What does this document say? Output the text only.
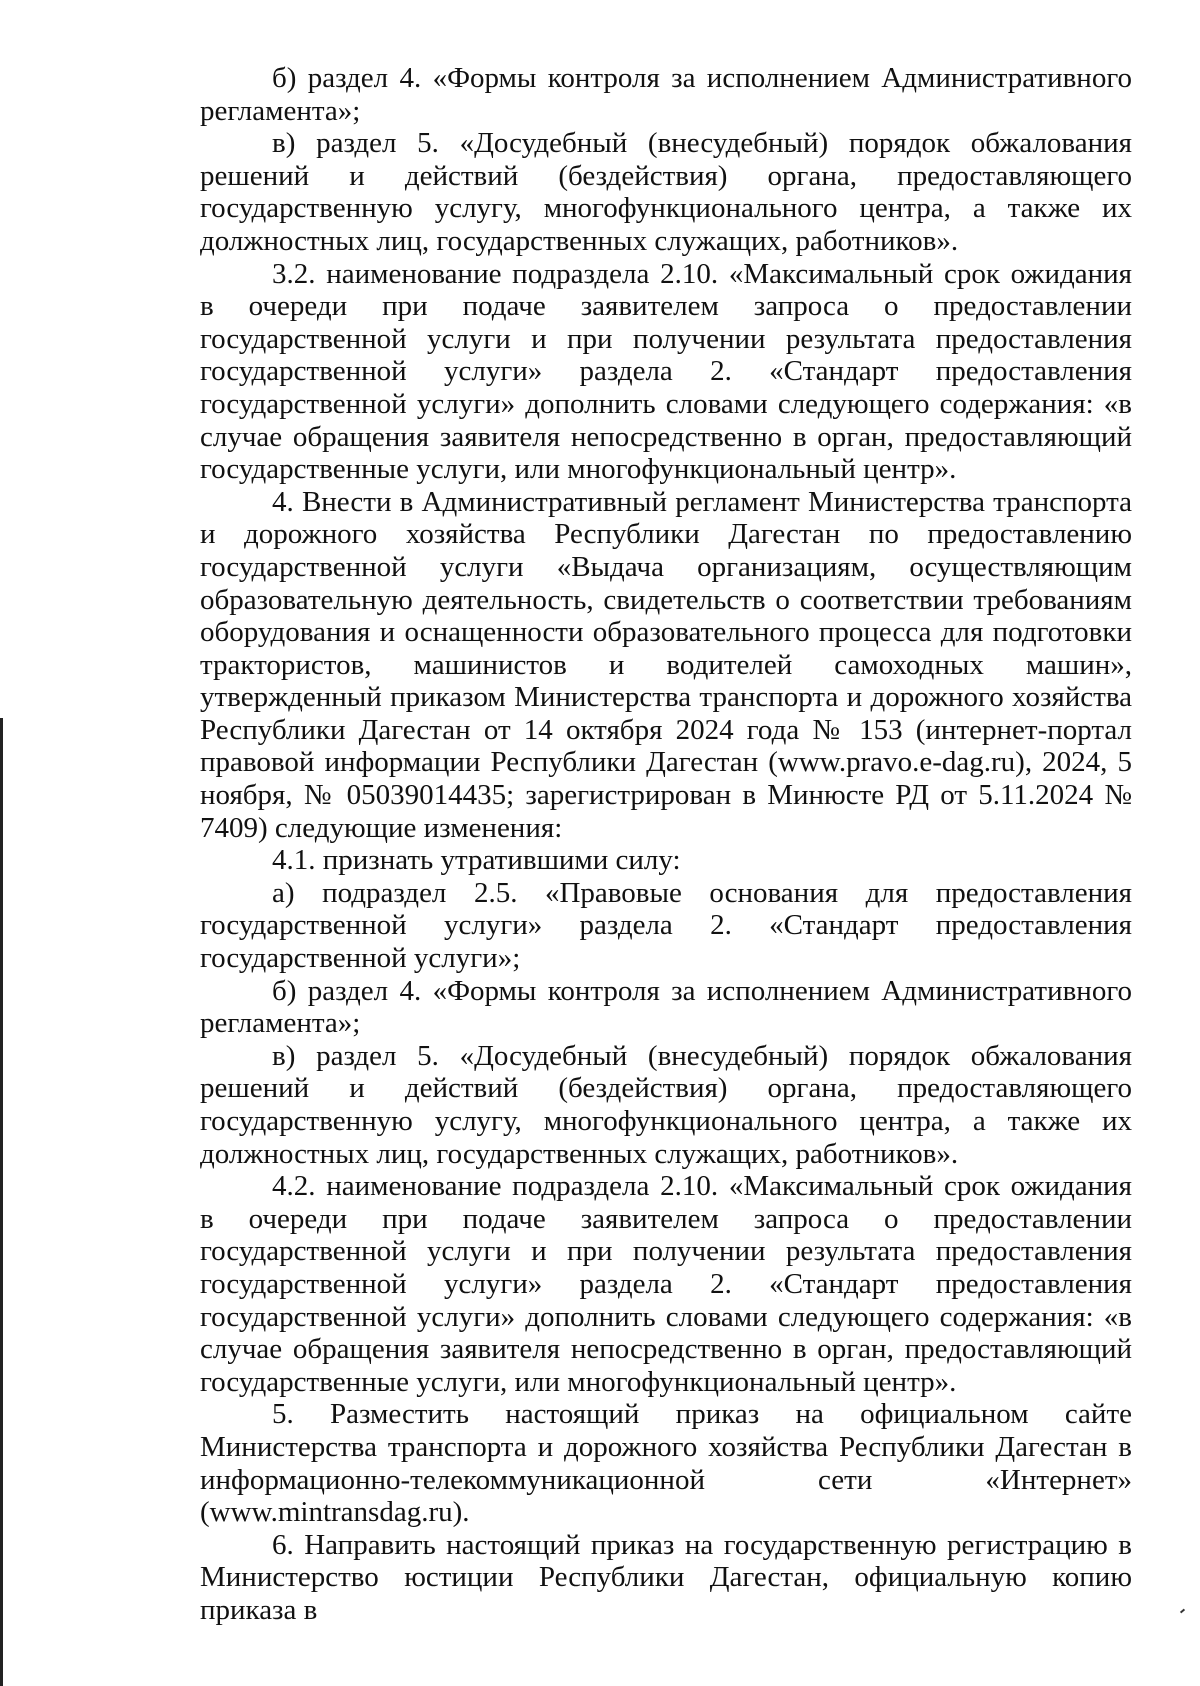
б) раздел 4. «Формы контроля за исполнением Административного регламента»;

в) раздел 5. «Досудебный (внесудебный) порядок обжалования решений и действий (бездействия) органа, предоставляющего государственную услугу, многофункционального центра, а также их должностных лиц, государственных служащих, работников».

3.2. наименование подраздела 2.10. «Максимальный срок ожидания в очереди при подаче заявителем запроса о предоставлении государственной услуги и при получении результата предоставления государственной услуги» раздела 2. «Стандарт предоставления государственной услуги» дополнить словами следующего содержания: «в случае обращения заявителя непосредственно в орган, предоставляющий государственные услуги, или многофункциональный центр».

4. Внести в Административный регламент Министерства транспорта и дорожного хозяйства Республики Дагестан по предоставлению государственной услуги «Выдача организациям, осуществляющим образовательную деятельность, свидетельств о соответствии требованиям оборудования и оснащенности образовательного процесса для подготовки трактористов, машинистов и водителей самоходных машин», утвержденный приказом Министерства транспорта и дорожного хозяйства Республики Дагестан от 14 октября 2024 года № 153 (интернет-портал правовой информации Республики Дагестан (www.pravo.e-dag.ru), 2024, 5 ноября, № 05039014435; зарегистрирован в Минюсте РД от 5.11.2024 № 7409) следующие изменения:

4.1. признать утратившими силу:

а) подраздел 2.5. «Правовые основания для предоставления государственной услуги» раздела 2. «Стандарт предоставления государственной услуги»;

б) раздел 4. «Формы контроля за исполнением Административного регламента»;

в) раздел 5. «Досудебный (внесудебный) порядок обжалования решений и действий (бездействия) органа, предоставляющего государственную услугу, многофункционального центра, а также их должностных лиц, государственных служащих, работников».

4.2. наименование подраздела 2.10. «Максимальный срок ожидания в очереди при подаче заявителем запроса о предоставлении государственной услуги и при получении результата предоставления государственной услуги» раздела 2. «Стандарт предоставления государственной услуги» дополнить словами следующего содержания: «в случае обращения заявителя непосредственно в орган, предоставляющий государственные услуги, или многофункциональный центр».

5. Разместить настоящий приказ на официальном сайте Министерства транспорта и дорожного хозяйства Республики Дагестан в информационно-телекоммуникационной сети «Интернет» (www.mintransdag.ru).

6. Направить настоящий приказ на государственную регистрацию в Министерство юстиции Республики Дагестан, официальную копию приказа в
